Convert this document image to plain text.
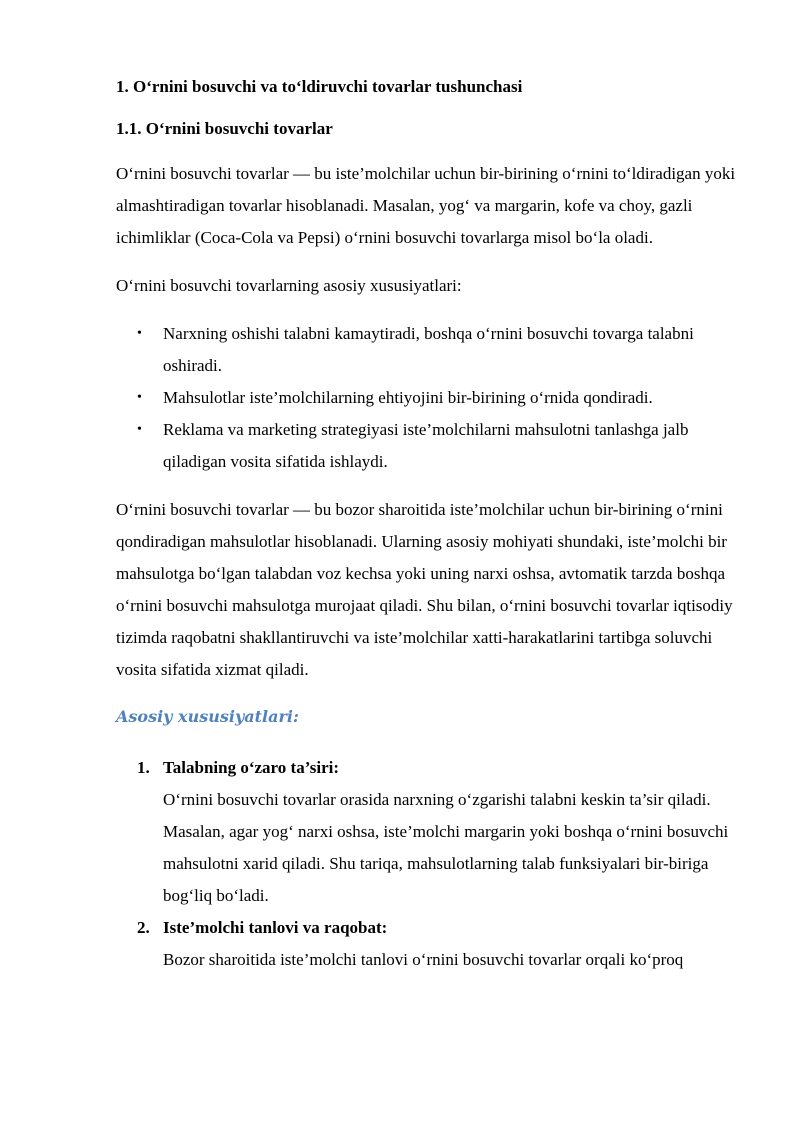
1. O‘rnini bosuvchi va to‘ldiruvchi tovarlar tushunchasi
1.1. O‘rnini bosuvchi tovarlar

O‘rnini bosuvchi tovarlar — bu iste’molchilar uchun bir-birining o‘rnini to‘ldiradigan yoki almashtiradigan tovarlar hisoblanadi. Masalan, yog‘ va margarin, kofe va choy, gazli ichimliklar (Coca-Cola va Pepsi) o‘rnini bosuvchi tovarlarga misol bo‘la oladi.

O‘rnini bosuvchi tovarlarning asosiy xususiyatlari:

• Narxning oshishi talabni kamaytiradi, boshqa o‘rnini bosuvchi tovarga talabni oshiradi.
• Mahsulotlar iste’molchilarning ehtiyojini bir-birining o‘rnida qondiradi.
• Reklama va marketing strategiyasi iste’molchilarni mahsulotni tanlashga jalb qiladigan vosita sifatida ishlaydi.

O‘rnini bosuvchi tovarlar — bu bozor sharoitida iste’molchilar uchun bir-birining o‘rnini qondiradigan mahsulotlar hisoblanadi. Ularning asosiy mohiyati shundaki, iste’molchi bir mahsulotga bo‘lgan talabdan voz kechsa yoki uning narxi oshsa, avtomatik tarzda boshqa o‘rnini bosuvchi mahsulotga murojaat qiladi. Shu bilan, o‘rnini bosuvchi tovarlar iqtisodiy tizimda raqobatni shakllantiruvchi va iste’molchilar xatti-harakatlarini tartibga soluvchi vosita sifatida xizmat qiladi.

Asosiy xususiyatlari:
1. Talabning o‘zaro ta’siri:
O‘rnini bosuvchi tovarlar orasida narxning o‘zgarishi talabni keskin ta’sir qiladi. Masalan, agar yog‘ narxi oshsa, iste’molchi margarin yoki boshqa o‘rnini bosuvchi mahsulotni xarid qiladi. Shu tariqa, mahsulotlarning talab funksiyalari bir-biriga bog‘liq bo‘ladi.
2. Iste’molchi tanlovi va raqobat:
Bozor sharoitida iste’molchi tanlovi o‘rnini bosuvchi tovarlar orqali ko‘proq
